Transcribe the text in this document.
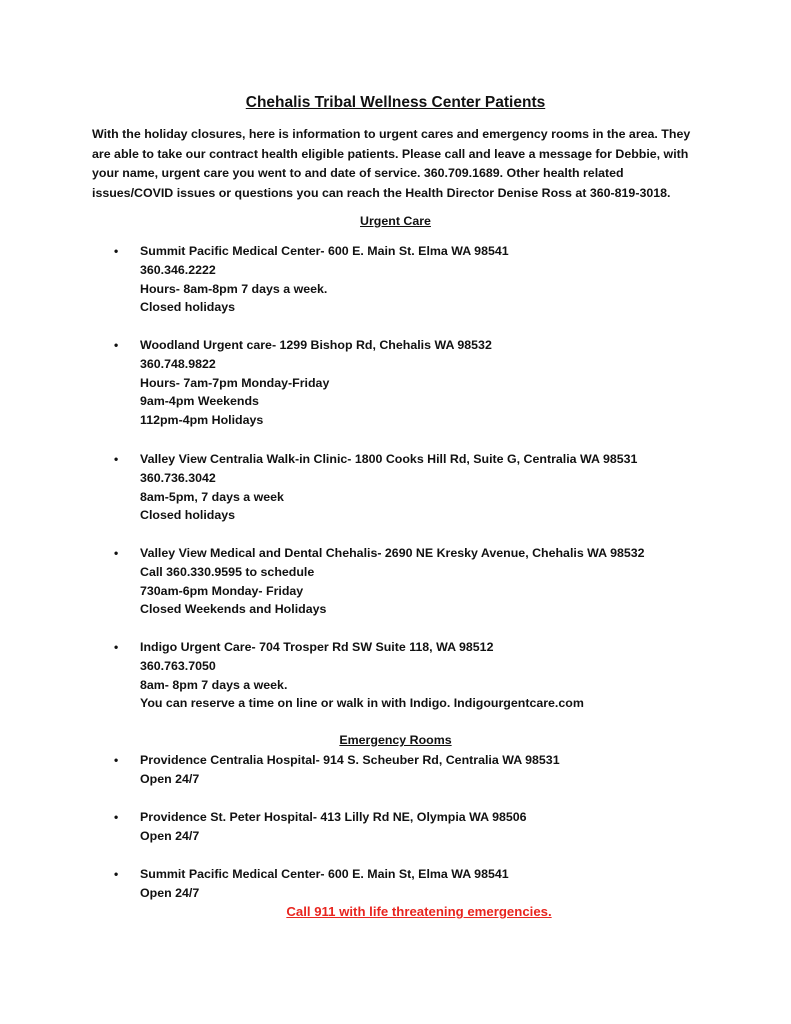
Chehalis Tribal Wellness Center Patients
With the holiday closures, here is information to urgent cares and emergency rooms in the area. They
are able to take our contract health eligible patients. Please call and leave a message for Debbie, with
your name, urgent care you went to and date of service. 360.709.1689. Other health related
issues/COVID issues or questions you can reach the Health Director Denise Ross at 360-819-3018.
Urgent Care
• Summit Pacific Medical Center- 600 E. Main St. Elma WA 98541
360.346.2222
Hours- 8am-8pm 7 days a week.
Closed holidays
• Woodland Urgent care- 1299 Bishop Rd, Chehalis WA 98532
360.748.9822
Hours- 7am-7pm Monday-Friday
9am-4pm Weekends
112pm-4pm Holidays
• Valley View Centralia Walk-in Clinic- 1800 Cooks Hill Rd, Suite G, Centralia WA 98531
360.736.3042
8am-5pm, 7 days a week
Closed holidays
• Valley View Medical and Dental Chehalis- 2690 NE Kresky Avenue, Chehalis WA 98532
Call 360.330.9595 to schedule
730am-6pm Monday- Friday
Closed Weekends and Holidays
• Indigo Urgent Care- 704 Trosper Rd SW Suite 118, WA 98512
360.763.7050
8am- 8pm 7 days a week.
You can reserve a time on line or walk in with Indigo. Indigourgentcare.com
Emergency Rooms
• Providence Centralia Hospital- 914 S. Scheuber Rd, Centralia WA 98531
Open 24/7
• Providence St. Peter Hospital- 413 Lilly Rd NE, Olympia WA 98506
Open 24/7
• Summit Pacific Medical Center- 600 E. Main St, Elma WA 98541
Open 24/7
Call 911 with life threatening emergencies.
